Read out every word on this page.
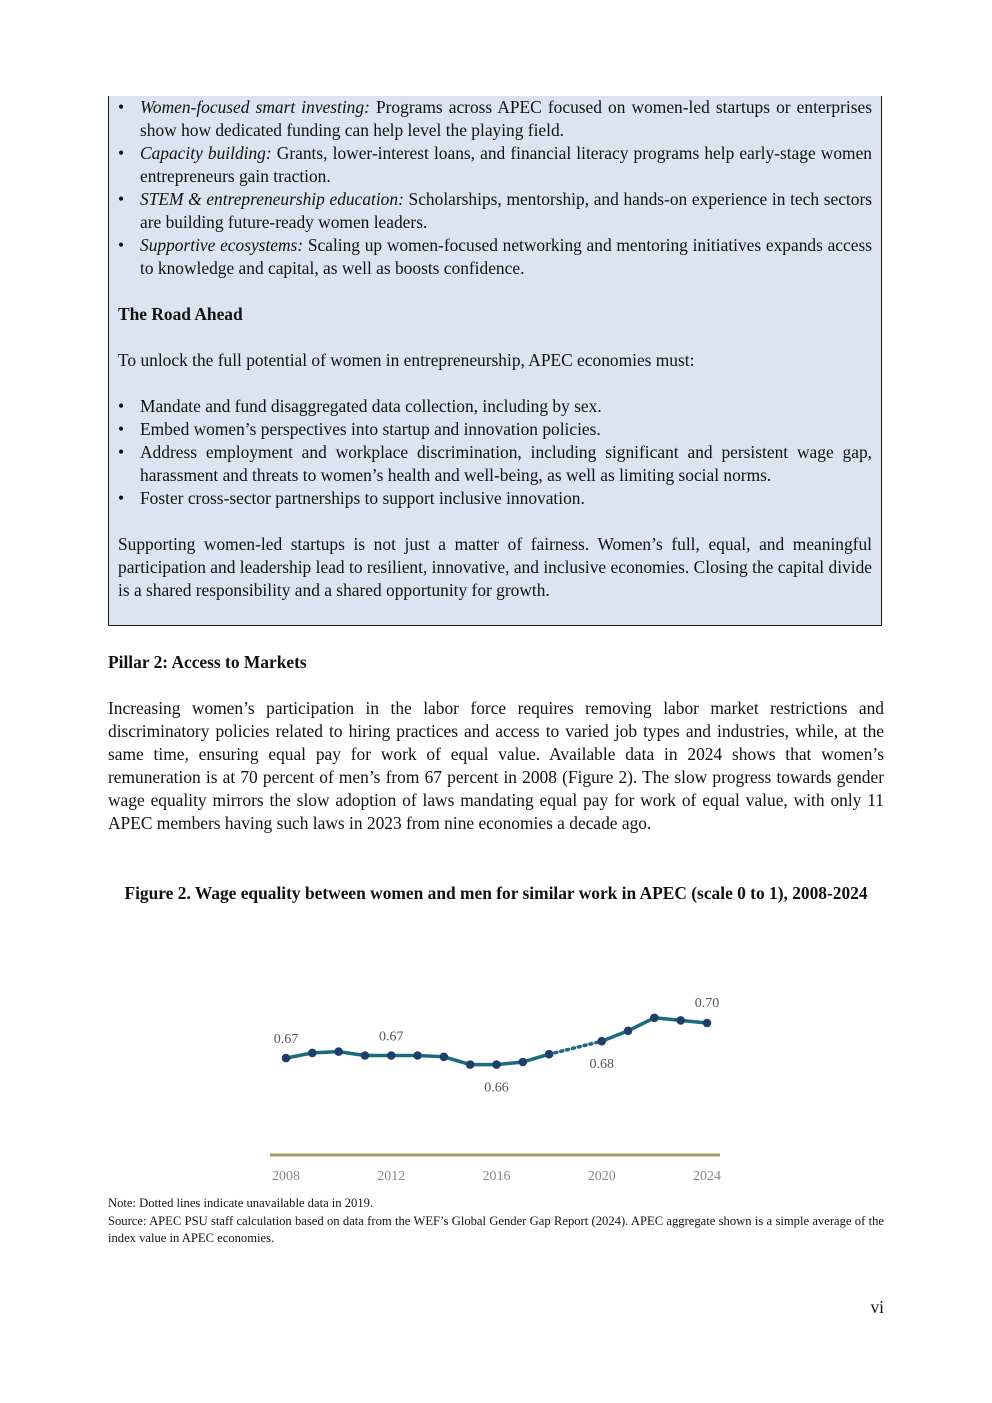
• Women-focused smart investing: Programs across APEC focused on women-led startups or enterprises show how dedicated funding can help level the playing field.
• Capacity building: Grants, lower-interest loans, and financial literacy programs help early-stage women entrepreneurs gain traction.
• STEM & entrepreneurship education: Scholarships, mentorship, and hands-on experience in tech sectors are building future-ready women leaders.
• Supportive ecosystems: Scaling up women-focused networking and mentoring initiatives expands access to knowledge and capital, as well as boosts confidence.

The Road Ahead

To unlock the full potential of women in entrepreneurship, APEC economies must:

• Mandate and fund disaggregated data collection, including by sex.
• Embed women’s perspectives into startup and innovation policies.
• Address employment and workplace discrimination, including significant and persistent wage gap, harassment and threats to women’s health and well-being, as well as limiting social norms.
• Foster cross-sector partnerships to support inclusive innovation.

Supporting women-led startups is not just a matter of fairness. Women’s full, equal, and meaningful participation and leadership lead to resilient, innovative, and inclusive economies. Closing the capital divide is a shared responsibility and a shared opportunity for growth.

Pillar 2: Access to Markets

Increasing women’s participation in the labor force requires removing labor market restrictions and discriminatory policies related to hiring practices and access to varied job types and industries, while, at the same time, ensuring equal pay for work of equal value. Available data in 2024 shows that women’s remuneration is at 70 percent of men’s from 67 percent in 2008 (Figure 2). The slow progress towards gender wage equality mirrors the slow adoption of laws mandating equal pay for work of equal value, with only 11 APEC members having such laws in 2023 from nine economies a decade ago.

Figure 2. Wage equality between women and men for similar work in APEC (scale 0 to 1), 2008-2024
2008	2012	2016	2020	2024
0.67	0.67
0.66
0.68
0.70
Note: Dotted lines indicate unavailable data in 2019.
Source: APEC PSU staff calculation based on data from the WEF’s Global Gender Gap Report (2024). APEC aggregate shown is a simple average of the index value in APEC economies.
vi
